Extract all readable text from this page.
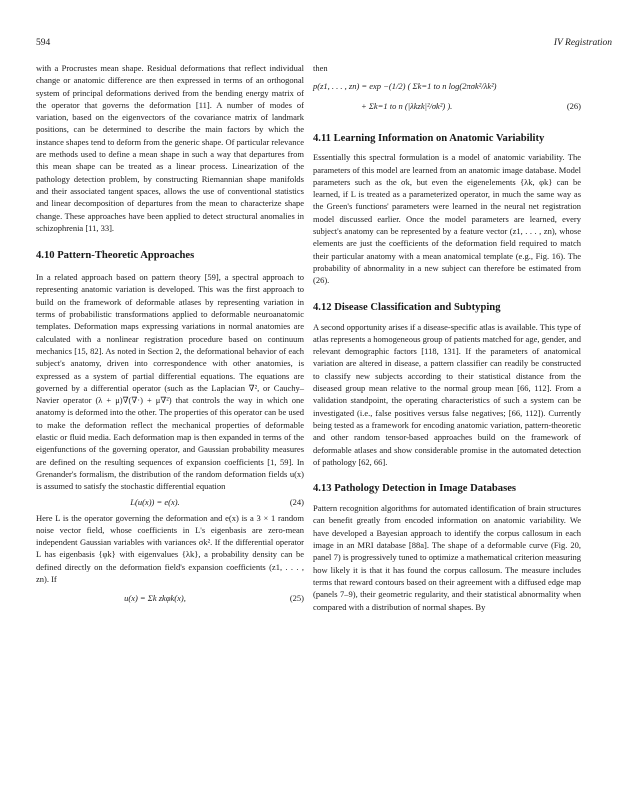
594	IV Registration

with a Procrustes mean shape. Residual deformations that reflect individual change or anatomic difference are then expressed in terms of an orthogonal system of principal deformations derived from the bending energy matrix of the operator that governs the deformation [11]. A number of modes of variation, based on the eigenvectors of the covariance matrix of landmark positions, can be determined to describe the main factors by which the instance shapes tend to deform from the generic shape. Of particular relevance are methods used to define a mean shape in such a way that departures from this mean shape can be treated as a linear process. Linearization of the pathology detection problem, by constructing Riemannian shape manifolds and their associated tangent spaces, allows the use of conventional statistics and linear decomposition of departures from the mean to characterize shape change. These approaches have been applied to detect structural anomalies in schizophrenia [11, 33].

4.10 Pattern-Theoretic Approaches

In a related approach based on pattern theory [59], a spectral approach to representing anatomic variation is developed. This was the first approach to build on the framework of deformable atlases by representing variation in terms of probabilistic transformations applied to deformable neuroanatomic templates. Deformation maps expressing variations in normal anatomies are calculated with a nonlinear registration procedure based on continuum mechanics [15, 82]. As noted in Section 2, the deformational behavior of each subject's anatomy, driven into correspondence with other anatomies, is expressed as a system of partial differential equations. The equations are governed by a differential operator (such as the Laplacian ∇², or Cauchy–Navier operator (λ + μ)∇(∇·) + μ∇²) that controls the way in which one anatomy is deformed into the other. The properties of this operator can be used to make the deformation reflect the mechanical properties of deformable elastic or fluid media. Each deformation map is then expanded in terms of the eigenfunctions of the governing operator, and Gaussian probability measures are defined on the resulting sequences of expansion coefficients [1, 59]. In Grenander's formalism, the distribution of the random deformation fields u(x) is assumed to satisfy the stochastic differential equation

L(u(x)) = e(x).	(24)

Here L is the operator governing the deformation and e(x) is a 3 × 1 random noise vector field, whose coefficients in L's eigenbasis are zero-mean independent Gaussian variables with variances σk². If the differential operator L has eigenbasis {φk} with eigenvalues {λk}, a probability density can be defined directly on the deformation field's expansion coefficients (z1, . . . , zn). If

u(x) = Σk zkφk(x),	(25)

then

p(z1, . . . , zn) = exp −(1/2) ( Σk=1 to n log(2πσk²/λk²)
+ Σk=1 to n (|λkzk|²/σk²) ).	(26)
4.11 Learning Information on Anatomic Variability

Essentially this spectral formulation is a model of anatomic variability. The parameters of this model are learned from an anatomic image database. Model parameters such as the σk, but even the eigenelements {λk, φk} can be learned, if L is treated as a parameterized operator, in much the same way as the Green's functions' parameters were learned in the neural net registration model discussed earlier. Once the model parameters are learned, every subject's anatomy can be represented by a feature vector (z1, . . . , zn), whose elements are just the coefficients of the deformation field required to match their particular anatomy with a mean anatomical template (e.g., Fig. 16). The probability of abnormality in a new subject can therefore be estimated from (26).

4.12 Disease Classification and Subtyping

A second opportunity arises if a disease-specific atlas is available. This type of atlas represents a homogeneous group of patients matched for age, gender, and relevant demographic factors [118, 131]. If the parameters of anatomical variation are altered in disease, a pattern classifier can readily be constructed to classify new subjects according to their statistical distance from the diseased group mean relative to the normal group mean [66, 112]. From a validation standpoint, the operating characteristics of such a system can be investigated (i.e., false positives versus false negatives; [66, 112]). Currently being tested as a framework for encoding anatomic variation, pattern-theoretic and other random tensor-based approaches build on the framework of deformable atlases and show considerable promise in the automated detection of pathology [62, 66].

4.13 Pathology Detection in Image Databases

Pattern recognition algorithms for automated identification of brain structures can benefit greatly from encoded information on anatomic variability. We have developed a Bayesian approach to identify the corpus callosum in each image in an MRI database [88a]. The shape of a deformable curve (Fig. 20, panel 7) is progressively tuned to optimize a mathematical criterion measuring how likely it is that it has found the corpus callosum. The measure includes terms that reward contours based on their agreement with a diffused edge map (panels 7–9), their geometric regularity, and their statistical abnormality when compared with a distribution of normal shapes. By
